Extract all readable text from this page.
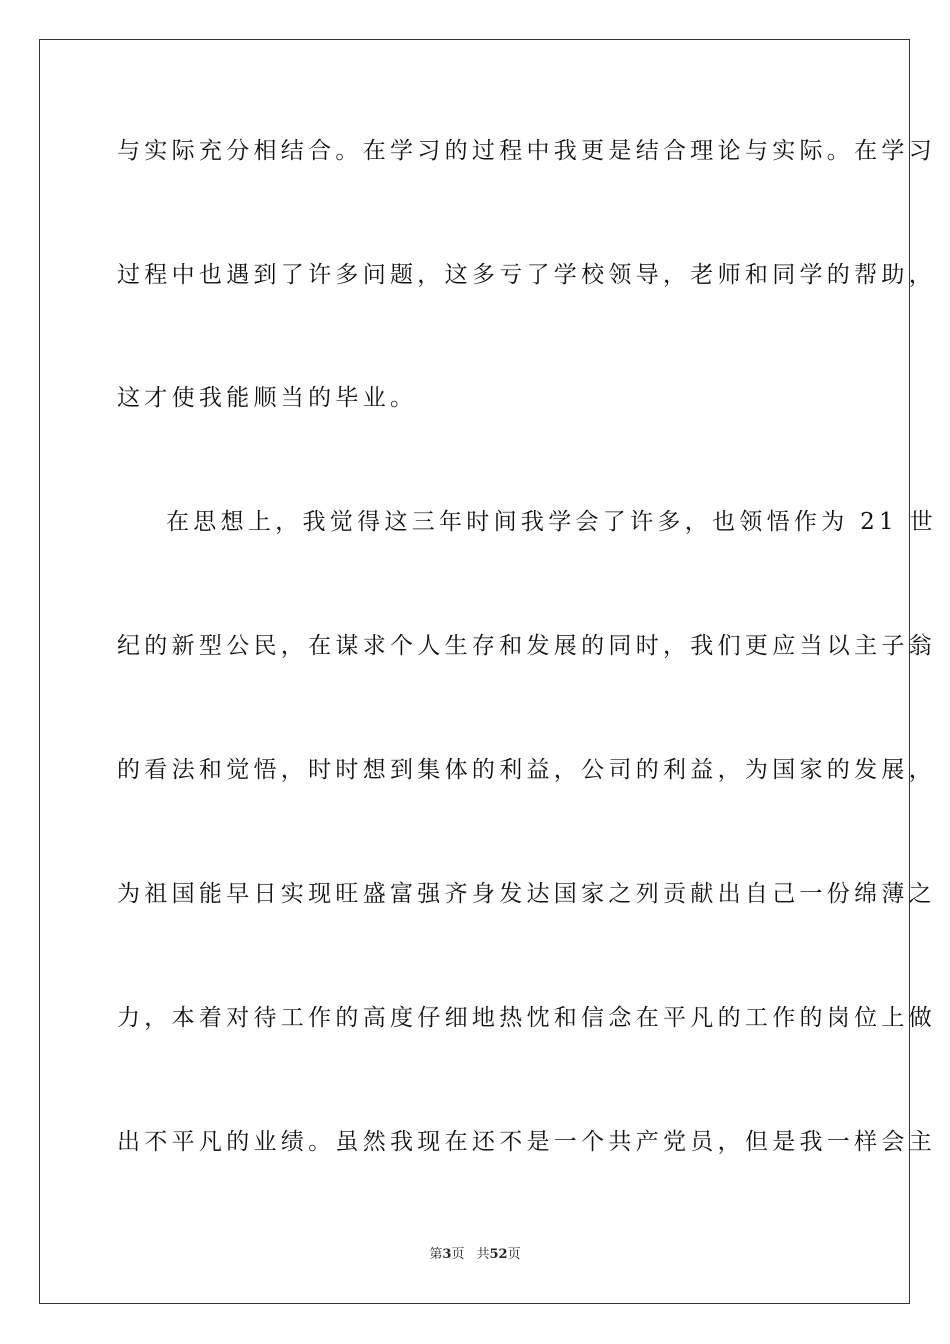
与实际充分相结合。在学习的过程中我更是结合理论与实际。在学习
过程中也遇到了许多问题，这多亏了学校领导，老师和同学的帮助，
这才使我能顺当的毕业。
在思想上，我觉得这三年时间我学会了许多，也领悟作为 21 世
纪的新型公民，在谋求个人生存和发展的同时，我们更应当以主子翁
的看法和觉悟，时时想到集体的利益，公司的利益，为国家的发展，
为祖国能早日实现旺盛富强齐身发达国家之列贡献出自己一份绵薄之
力，本着对待工作的高度仔细地热忱和信念在平凡的工作的岗位上做
出不平凡的业绩。虽然我现在还不是一个共产党员，但是我一样会主
第3页 共52页
